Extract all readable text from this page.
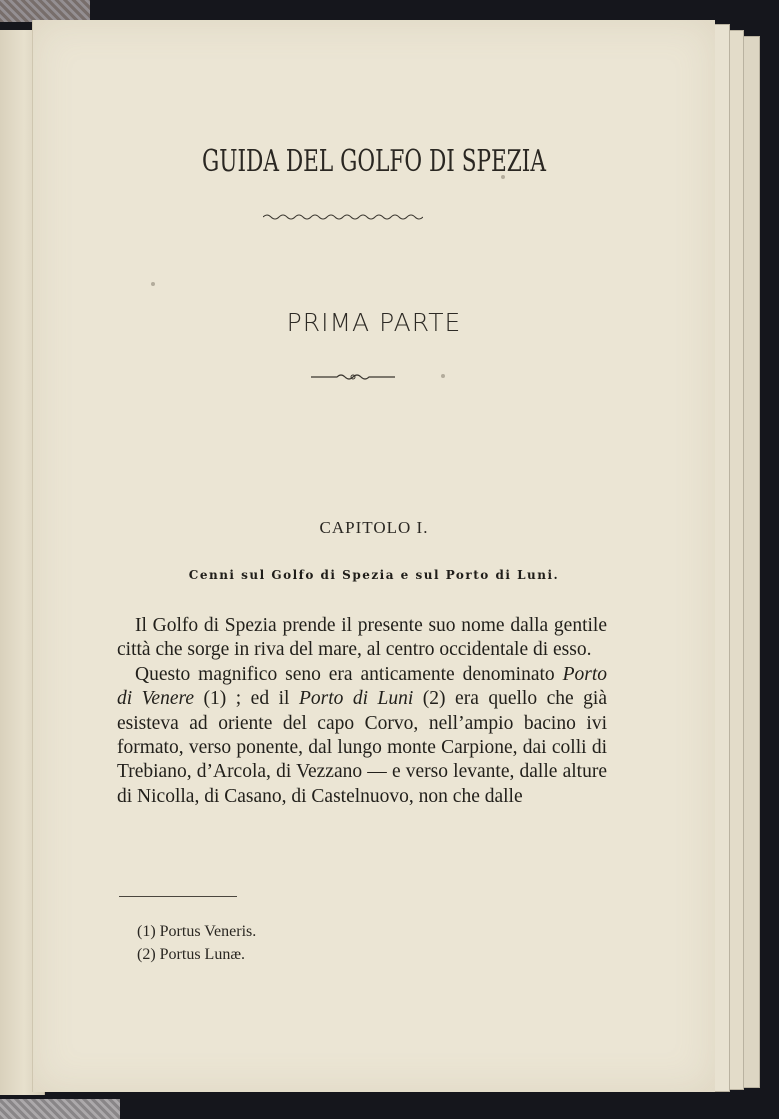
GUIDA DEL GOLFO DI SPEZIA
PRIMA PARTE
CAPITOLO I.
Cenni sul Golfo di Spezia e sul Porto di Luni.

Il Golfo di Spezia prende il presente suo nome dalla gentile città che sorge in riva del mare, al centro occidentale di esso.

Questo magnifico seno era anticamente denominato Porto di Venere (1) ; ed il Porto di Luni (2) era quello che già esisteva ad oriente del capo Corvo, nell’ampio bacino ivi formato, verso ponente, dal lungo monte Carpione, dai colli di Trebiano, d’Arcola, di Vezzano — e verso levante, dalle alture di Nicolla, di Casano, di Castelnuovo, non che dalle

(1) Portus Veneris.
(2) Portus Lunæ.
